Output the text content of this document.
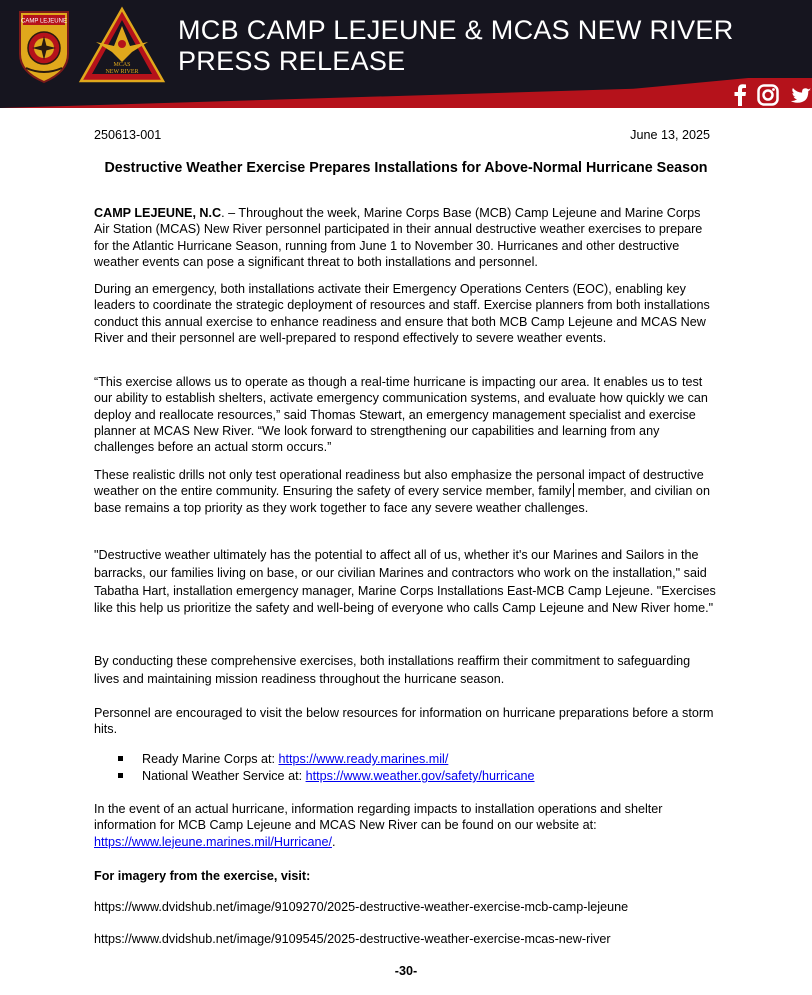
CAMP LEJEUNE
MCAS
NEW RIVER
MCB CAMP LEJEUNE & MCAS NEW RIVER
PRESS RELEASE
250613-001	June 13, 2025
Destructive Weather Exercise Prepares Installations for Above-Normal Hurricane Season
CAMP LEJEUNE, N.C. – Throughout the week, Marine Corps Base (MCB) Camp Lejeune and Marine Corps Air Station (MCAS) New River personnel participated in their annual destructive weather exercises to prepare for the Atlantic Hurricane Season, running from June 1 to November 30. Hurricanes and other destructive weather events can pose a significant threat to both installations and personnel.
During an emergency, both installations activate their Emergency Operations Centers (EOC), enabling key leaders to coordinate the strategic deployment of resources and staff. Exercise planners from both installations conduct this annual exercise to enhance readiness and ensure that both MCB Camp Lejeune and MCAS New River and their personnel are well-prepared to respond effectively to severe weather events.
“This exercise allows us to operate as though a real-time hurricane is impacting our area. It enables us to test our ability to establish shelters, activate emergency communication systems, and evaluate how quickly we can deploy and reallocate resources,” said Thomas Stewart, an emergency management specialist and exercise planner at MCAS New River. “We look forward to strengthening our capabilities and learning from any challenges before an actual storm occurs.”
These realistic drills not only test operational readiness but also emphasize the personal impact of destructive weather on the entire community. Ensuring the safety of every service member, family member, and civilian on base remains a top priority as they work together to face any severe weather challenges.
"Destructive weather ultimately has the potential to affect all of us, whether it's our Marines and Sailors in the barracks, our families living on base, or our civilian Marines and contractors who work on the installation," said Tabatha Hart, installation emergency manager, Marine Corps Installations East-MCB Camp Lejeune. "Exercises like this help us prioritize the safety and well-being of everyone who calls Camp Lejeune and New River home."
By conducting these comprehensive exercises, both installations reaffirm their commitment to safeguarding lives and maintaining mission readiness throughout the hurricane season.
Personnel are encouraged to visit the below resources for information on hurricane preparations before a storm hits.
Ready Marine Corps at: https://www.ready.marines.mil/
National Weather Service at: https://www.weather.gov/safety/hurricane
In the event of an actual hurricane, information regarding impacts to installation operations and shelter information for MCB Camp Lejeune and MCAS New River can be found on our website at: https://www.lejeune.marines.mil/Hurricane/.
For imagery from the exercise, visit:
https://www.dvidshub.net/image/9109270/2025-destructive-weather-exercise-mcb-camp-lejeune
https://www.dvidshub.net/image/9109545/2025-destructive-weather-exercise-mcas-new-river
-30-
